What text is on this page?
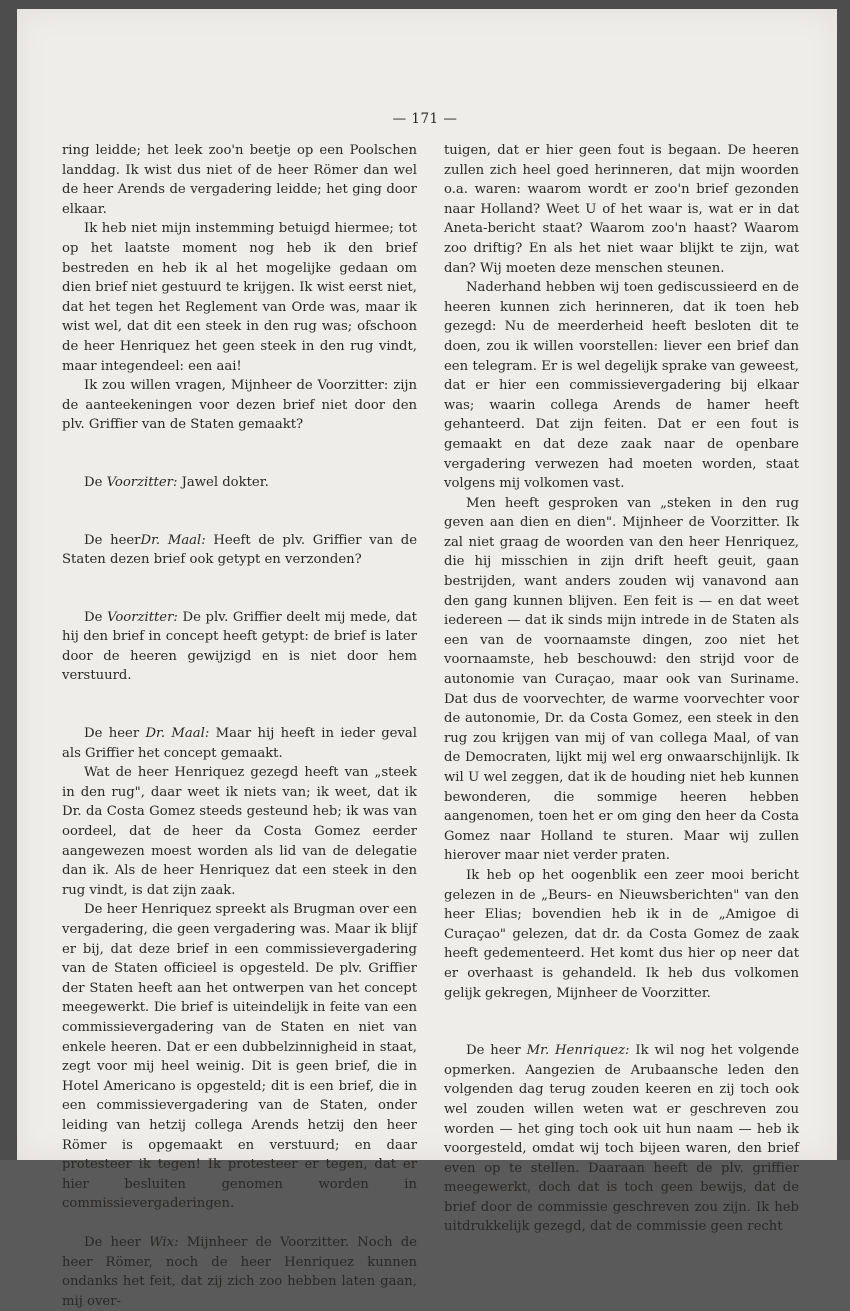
— 171 —

ring leidde; het leek zoo'n beetje op een Poolschen landdag. Ik wist dus niet of de heer Römer dan wel de heer Arends de vergadering leidde; het ging door elkaar.

Ik heb niet mijn instemming betuigd hiermee; tot op het laatste moment nog heb ik den brief bestreden en heb ik al het mogelijke gedaan om dien brief niet gestuurd te krijgen. Ik wist eerst niet, dat het tegen het Reglement van Orde was, maar ik wist wel, dat dit een steek in den rug was; ofschoon de heer Henriquez het geen steek in den rug vindt, maar integendeel: een aai!

Ik zou willen vragen, Mijnheer de Voorzitter: zijn de aanteekeningen voor dezen brief niet door den plv. Griffier van de Staten gemaakt?

De Voorzitter: Jawel dokter.

De heerDr. Maal: Heeft de plv. Griffier van de Staten dezen brief ook getypt en verzonden?

De Voorzitter: De plv. Griffier deelt mij mede, dat hij den brief in concept heeft getypt: de brief is later door de heeren gewijzigd en is niet door hem verstuurd.

De heer Dr. Maal: Maar hij heeft in ieder geval als Griffier het concept gemaakt.

Wat de heer Henriquez gezegd heeft van „steek in den rug", daar weet ik niets van; ik weet, dat ik Dr. da Costa Gomez steeds gesteund heb; ik was van oordeel, dat de heer da Costa Gomez eerder aangewezen moest worden als lid van de delegatie dan ik. Als de heer Henriquez dat een steek in den rug vindt, is dat zijn zaak.

De heer Henriquez spreekt als Brugman over een vergadering, die geen vergadering was. Maar ik blijf er bij, dat deze brief in een commissievergadering van de Staten officieel is opgesteld. De plv. Griffier der Staten heeft aan het ontwerpen van het concept meegewerkt. Die brief is uiteindelijk in feite van een commissievergadering van de Staten en niet van enkele heeren. Dat er een dubbelzinnigheid in staat, zegt voor mij heel weinig. Dit is geen brief, die in Hotel Americano is opgesteld; dit is een brief, die in een commissievergadering van de Staten, onder leiding van hetzij collega Arends hetzij den heer Römer is opgemaakt en verstuurd; en daar protesteer ik tegen! Ik protesteer er tegen, dat er hier besluiten genomen worden in commissievergaderingen.

De heer Wix: Mijnheer de Voorzitter. Noch de heer Römer, noch de heer Henriquez kunnen ondanks het feit, dat zij zich zoo hebben laten gaan, mij over-

tuigen, dat er hier geen fout is begaan. De heeren zullen zich heel goed herinneren, dat mijn woorden o.a. waren: waarom wordt er zoo'n brief gezonden naar Holland? Weet U of het waar is, wat er in dat Aneta-bericht staat? Waarom zoo'n haast? Waarom zoo driftig? En als het niet waar blijkt te zijn, wat dan? Wij moeten deze menschen steunen.

Naderhand hebben wij toen gediscussieerd en de heeren kunnen zich herinneren, dat ik toen heb gezegd: Nu de meerderheid heeft besloten dit te doen, zou ik willen voorstellen: liever een brief dan een telegram. Er is wel degelijk sprake van geweest, dat er hier een commissievergadering bij elkaar was; waarin collega Arends de hamer heeft gehanteerd. Dat zijn feiten. Dat er een fout is gemaakt en dat deze zaak naar de openbare vergadering verwezen had moeten worden, staat volgens mij volkomen vast.

Men heeft gesproken van „steken in den rug geven aan dien en dien". Mijnheer de Voorzitter. Ik zal niet graag de woorden van den heer Henriquez, die hij misschien in zijn drift heeft geuit, gaan bestrijden, want anders zouden wij vanavond aan den gang kunnen blijven. Een feit is — en dat weet iedereen — dat ik sinds mijn intrede in de Staten als een van de voornaamste dingen, zoo niet het voornaamste, heb beschouwd: den strijd voor de autonomie van Curaçao, maar ook van Suriname. Dat dus de voorvechter, de warme voorvechter voor de autonomie, Dr. da Costa Gomez, een steek in den rug zou krijgen van mij of van collega Maal, of van de Democraten, lijkt mij wel erg onwaarschijnlijk. Ik wil U wel zeggen, dat ik de houding niet heb kunnen bewonderen, die sommige heeren hebben aangenomen, toen het er om ging den heer da Costa Gomez naar Holland te sturen. Maar wij zullen hierover maar niet verder praten.

Ik heb op het oogenblik een zeer mooi bericht gelezen in de „Beurs- en Nieuwsberichten" van den heer Elias; bovendien heb ik in de „Amigoe di Curaçao" gelezen, dat dr. da Costa Gomez de zaak heeft gedementeerd. Het komt dus hier op neer dat er overhaast is gehandeld. Ik heb dus volkomen gelijk gekregen, Mijnheer de Voorzitter.

De heer Mr. Henriquez: Ik wil nog het volgende opmerken. Aangezien de Arubaansche leden den volgenden dag terug zouden keeren en zij toch ook wel zouden willen weten wat er geschreven zou worden — het ging toch ook uit hun naam — heb ik voorgesteld, omdat wij toch bijeen waren, den brief even op te stellen. Daaraan heeft de plv. griffier meegewerkt, doch dat is toch geen bewijs, dat de brief door de commissie geschreven zou zijn. Ik heb uitdrukkelijk gezegd, dat de commissie geen recht
